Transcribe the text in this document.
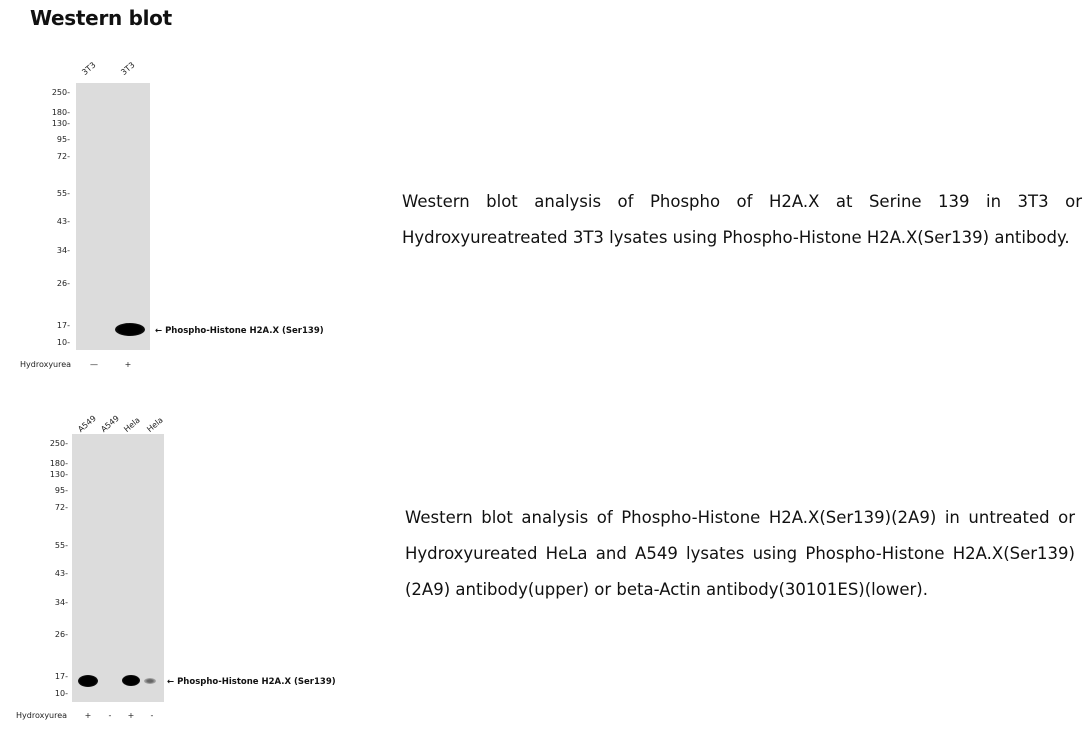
Western blot
3T3	3T3
250-
180-
130-
95-
72-
55-
43-
34-
26-
17-
10-
← Phospho-Histone H2A.X (Ser139)
Hydroxyurea —	+
A549 A549 Hela Hela
250-
180-
130-
95-
72-
55-
43-
34-
26-
17-
10-
← Phospho-Histone H2A.X (Ser139)
Hydroxyurea +	-	+	-
Western blot analysis of Phospho of H2A.X at Serine 139 in 3T3 or Hydroxyureatreated 3T3 lysates using Phospho-Histone H2A.X(Ser139) antibody.
Western blot analysis of Phospho-Histone H2A.X(Ser139)(2A9) in untreated or Hydroxyureated HeLa and A549 lysates using Phospho-Histone H2A.X(Ser139)(2A9) antibody(upper) or beta-Actin antibody(30101ES)(lower).
